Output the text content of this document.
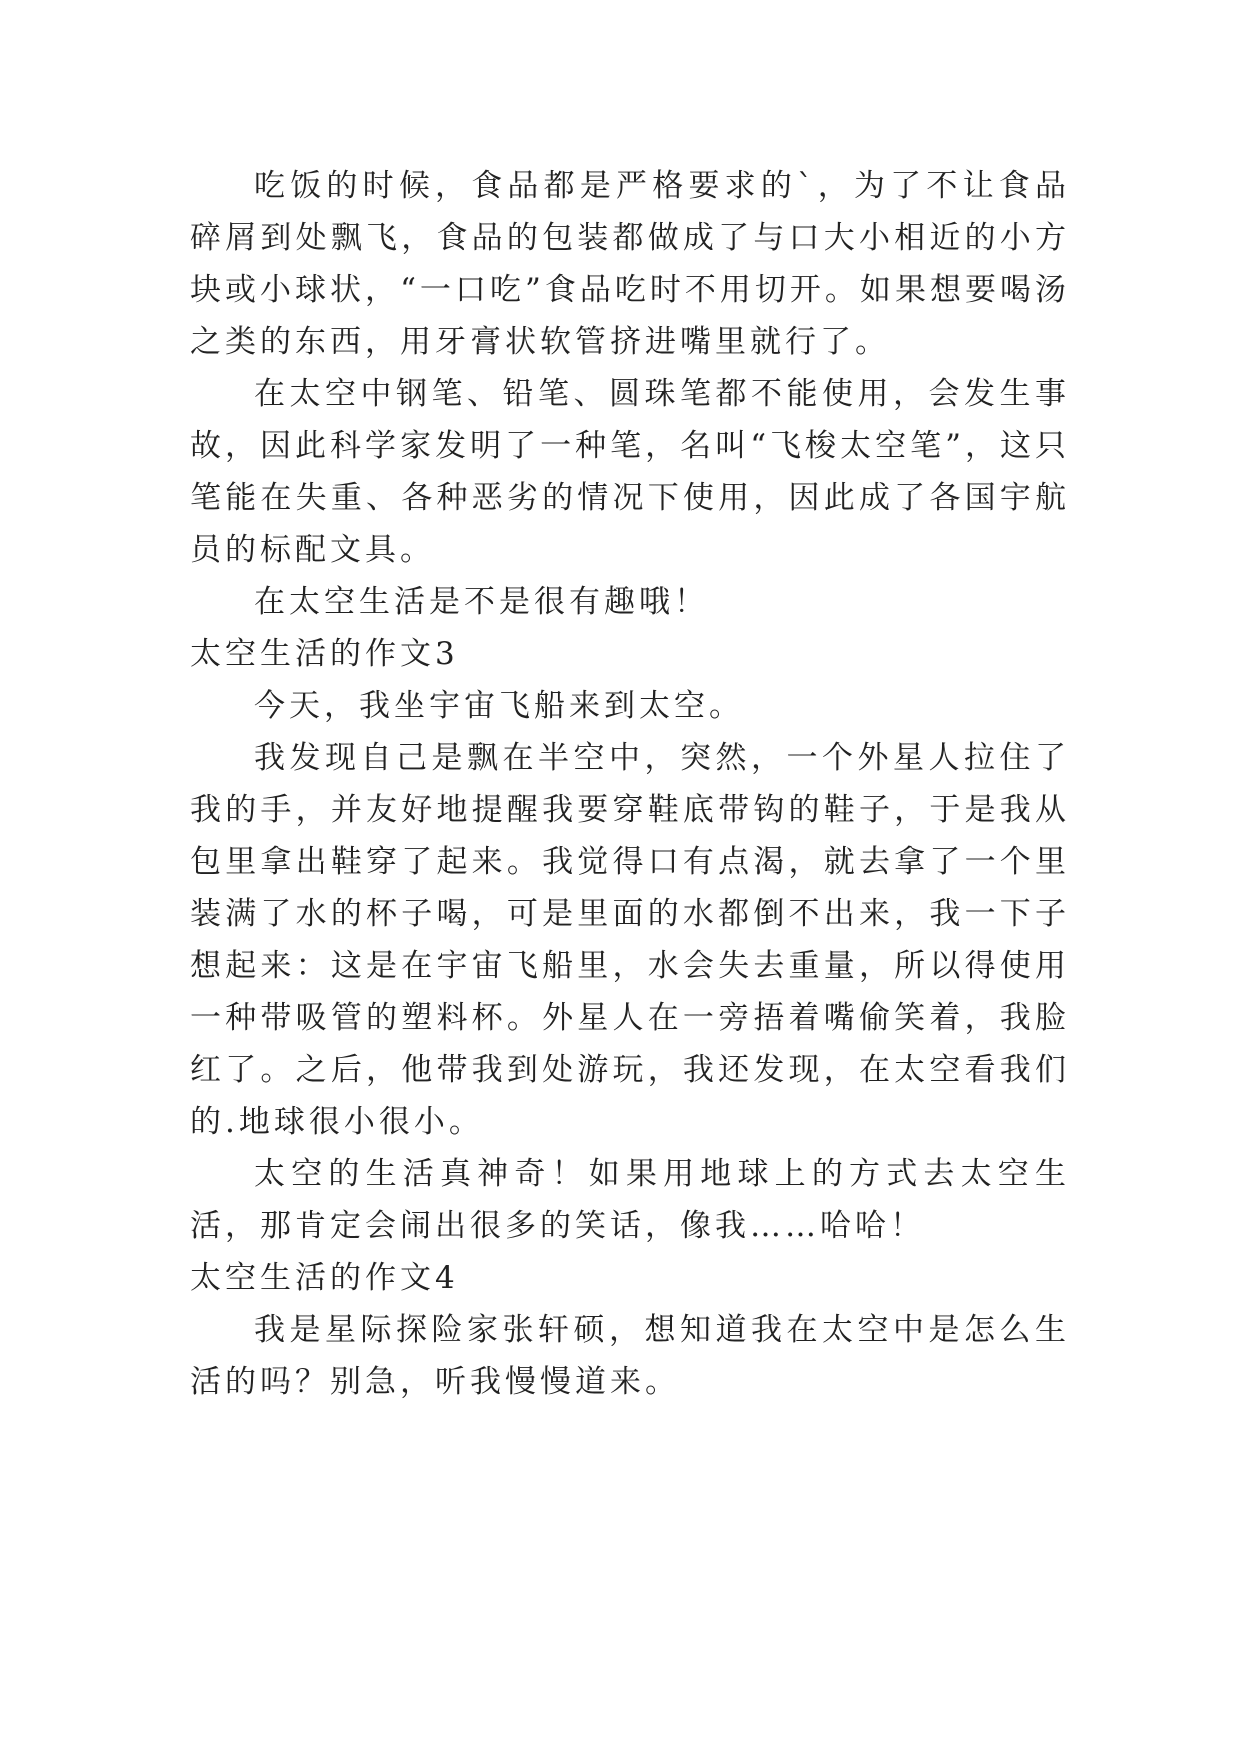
吃饭的时候，食品都是严格要求的`，为了不让食品碎屑到处飘飞，食品的包装都做成了与口大小相近的小方块或小球状，“一口吃”食品吃时不用切开。如果想要喝汤之类的东西，用牙膏状软管挤进嘴里就行了。

在太空中钢笔、铅笔、圆珠笔都不能使用，会发生事故，因此科学家发明了一种笔，名叫“飞梭太空笔”，这只笔能在失重、各种恶劣的情况下使用，因此成了各国宇航员的标配文具。

在太空生活是不是很有趣哦！

太空生活的作文3

今天，我坐宇宙飞船来到太空。

我发现自己是飘在半空中，突然，一个外星人拉住了我的手，并友好地提醒我要穿鞋底带钩的鞋子，于是我从包里拿出鞋穿了起来。我觉得口有点渴，就去拿了一个里装满了水的杯子喝，可是里面的水都倒不出来，我一下子想起来：这是在宇宙飞船里，水会失去重量，所以得使用一种带吸管的塑料杯。外星人在一旁捂着嘴偷笑着，我脸红了。之后，他带我到处游玩，我还发现，在太空看我们的.地球很小很小。

太空的生活真神奇！如果用地球上的方式去太空生活，那肯定会闹出很多的笑话，像我……哈哈！

太空生活的作文4

我是星际探险家张轩硕，想知道我在太空中是怎么生活的吗？别急，听我慢慢道来。
